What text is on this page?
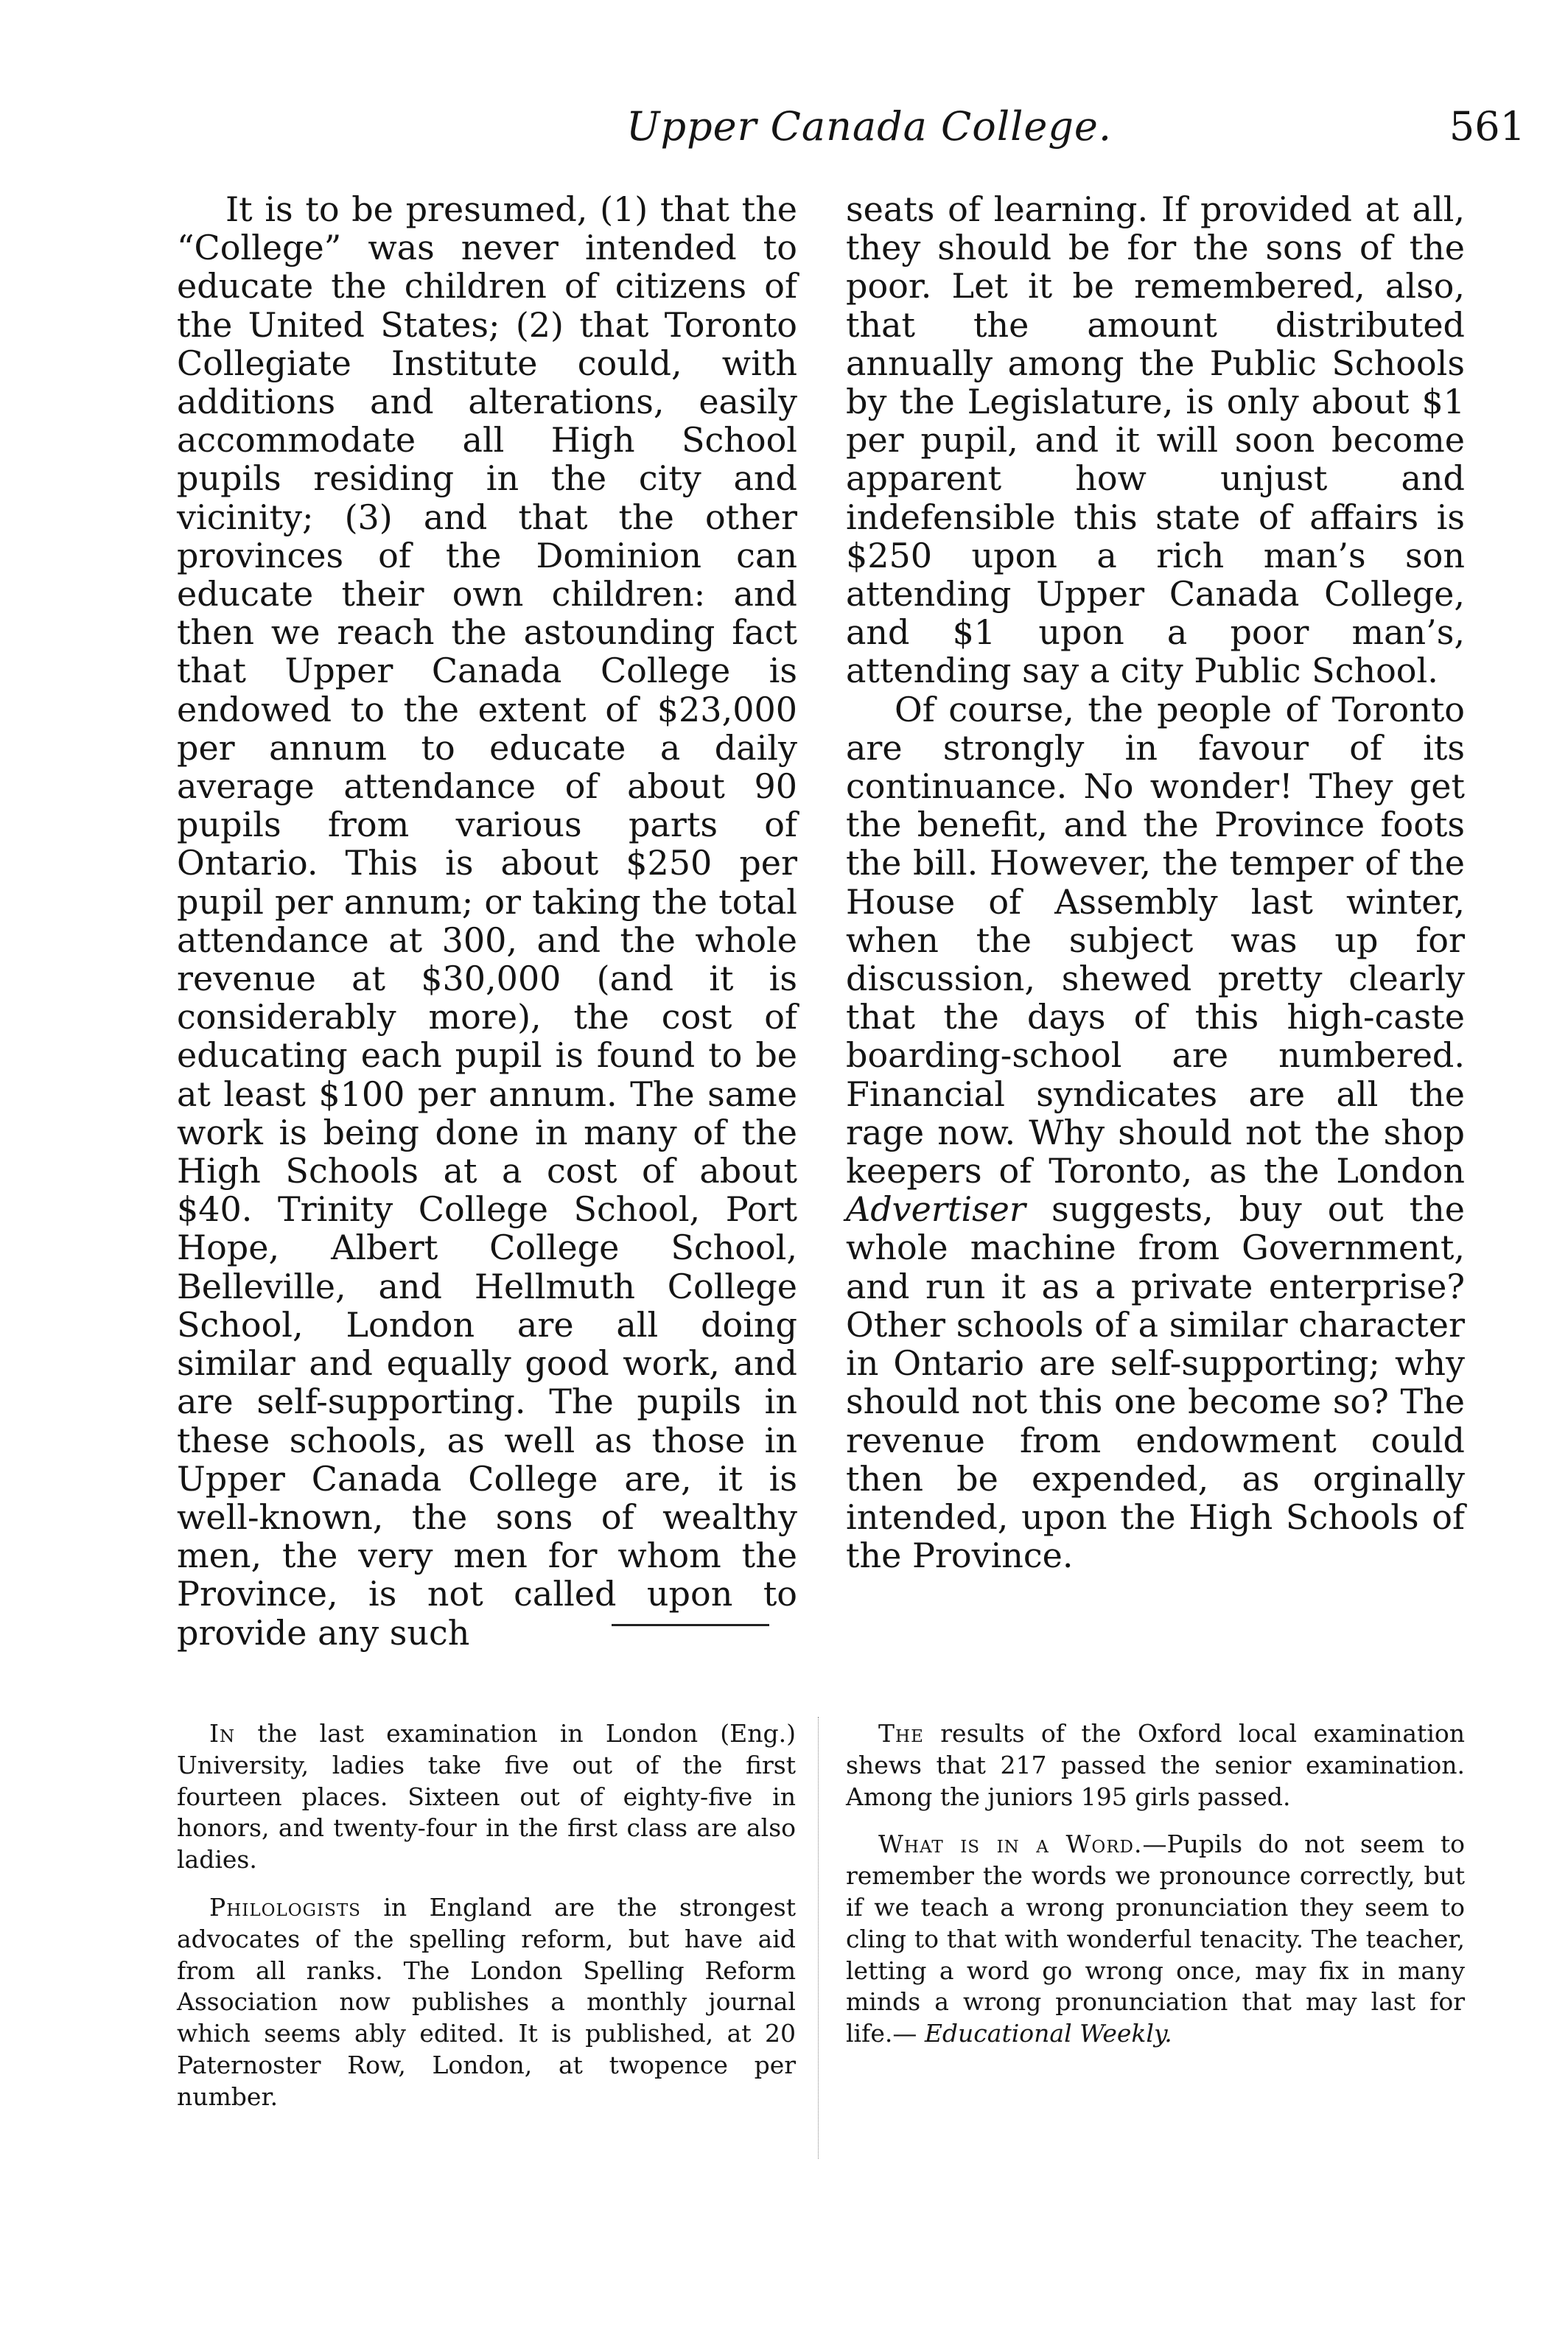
Upper Canada College.	561

It is to be presumed, (1) that the “College” was never intended to educate the children of citizens of the United States; (2) that Toronto Collegiate Institute could, with additions and alterations, easily accommodate all High School pupils residing in the city and vicinity; (3) and that the other provinces of the Dominion can educate their own children: and then we reach the astounding fact that Upper Canada College is endowed to the extent of $23,000 per annum to educate a daily average attendance of about 90 pupils from various parts of Ontario. This is about $250 per pupil per annum; or taking the total attendance at 300, and the whole revenue at $30,000 (and it is considerably more), the cost of educating each pupil is found to be at least $100 per annum. The same work is being done in many of the High Schools at a cost of about $40. Trinity College School, Port Hope, Albert College School, Belleville, and Hellmuth College School, London are all doing similar and equally good work, and are self-supporting. The pupils in these schools, as well as those in Upper Canada College are, it is well-known, the sons of wealthy men, the very men for whom the Province, is not called upon to provide any such

seats of learning. If provided at all, they should be for the sons of the poor. Let it be remembered, also, that the amount distributed annually among the Public Schools by the Legislature, is only about $1 per pupil, and it will soon become apparent how unjust and indefensible this state of affairs is $250 upon a rich man’s son attending Upper Canada College, and $1 upon a poor man’s, attending say a city Public School.

Of course, the people of Toronto are strongly in favour of its continuance. No wonder! They get the benefit, and the Province foots the bill. However, the temper of the House of Assembly last winter, when the subject was up for discussion, shewed pretty clearly that the days of this high-caste boarding-school are numbered. Financial syndicates are all the rage now. Why should not the shop keepers of Toronto, as the London Advertiser suggests, buy out the whole machine from Government, and run it as a private enterprise? Other schools of a similar character in Ontario are self-supporting; why should not this one become so? The revenue from endowment could then be expended, as orginally intended, upon the High Schools of the Province.

In the last examination in London (Eng.) University, ladies take five out of the first fourteen places. Sixteen out of eighty-five in honors, and twenty-four in the first class are also ladies.

Philologists in England are the strongest advocates of the spelling reform, but have aid from all ranks. The London Spelling Reform Association now publishes a monthly journal which seems ably edited. It is published, at 20 Paternoster Row, London, at twopence per number.

The results of the Oxford local examination shews that 217 passed the senior examination. Among the juniors 195 girls passed.

What is in a Word.—Pupils do not seem to remember the words we pronounce correctly, but if we teach a wrong pronunciation they seem to cling to that with wonderful tenacity. The teacher, letting a word go wrong once, may fix in many minds a wrong pronunciation that may last for life.— Educational Weekly.
